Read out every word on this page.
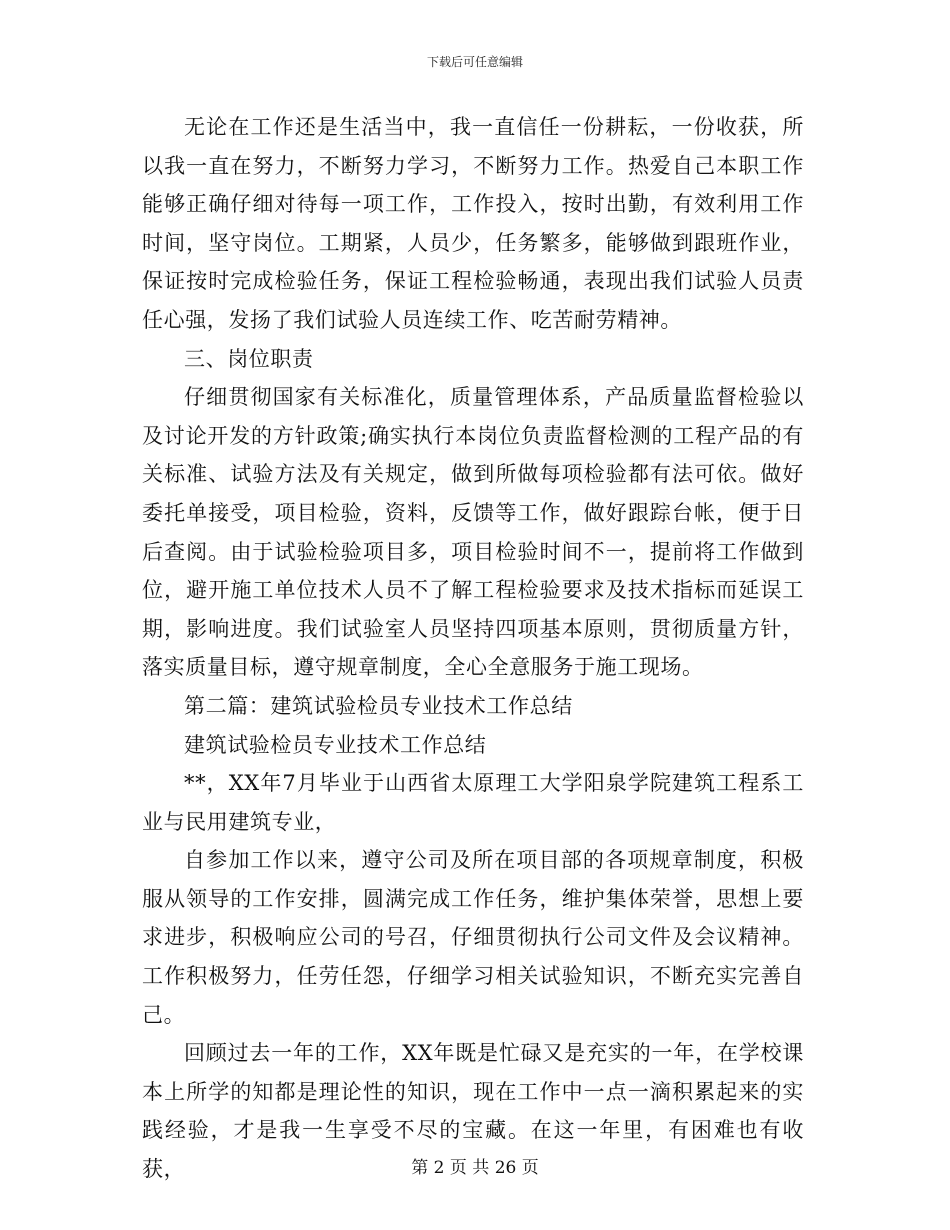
下载后可任意编辑

无论在工作还是生活当中，我一直信任一份耕耘，一份收获，所以我一直在努力，不断努力学习，不断努力工作。热爱自己本职工作能够正确仔细对待每一项工作，工作投入，按时出勤，有效利用工作时间，坚守岗位。工期紧，人员少，任务繁多，能够做到跟班作业，保证按时完成检验任务，保证工程检验畅通，表现出我们试验人员责任心强，发扬了我们试验人员连续工作、吃苦耐劳精神。

三、岗位职责

仔细贯彻国家有关标准化，质量管理体系，产品质量监督检验以及讨论开发的方针政策;确实执行本岗位负责监督检测的工程产品的有关标准、试验方法及有关规定，做到所做每项检验都有法可依。做好委托单接受，项目检验，资料，反馈等工作，做好跟踪台帐，便于日后查阅。由于试验检验项目多，项目检验时间不一，提前将工作做到位，避开施工单位技术人员不了解工程检验要求及技术指标而延误工期，影响进度。我们试验室人员坚持四项基本原则，贯彻质量方针，落实质量目标，遵守规章制度，全心全意服务于施工现场。

第二篇：建筑试验检员专业技术工作总结

建筑试验检员专业技术工作总结

**，XX年7月毕业于山西省太原理工大学阳泉学院建筑工程系工业与民用建筑专业，

自参加工作以来，遵守公司及所在项目部的各项规章制度，积极服从领导的工作安排，圆满完成工作任务，维护集体荣誉，思想上要求进步，积极响应公司的号召，仔细贯彻执行公司文件及会议精神。工作积极努力，任劳任怨，仔细学习相关试验知识，不断充实完善自己。

回顾过去一年的工作，XX年既是忙碌又是充实的一年，在学校课本上所学的知都是理论性的知识，现在工作中一点一滴积累起来的实践经验，才是我一生享受不尽的宝藏。在这一年里，有困难也有收获，	第 2 页 共 26 页
